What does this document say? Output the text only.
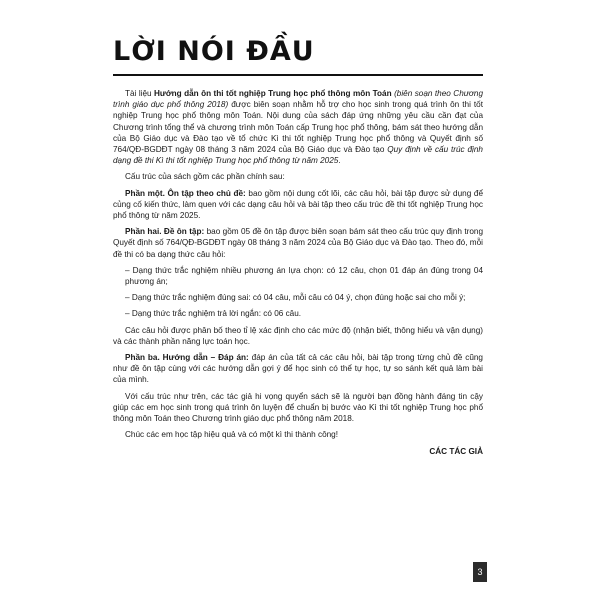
LỜI NÓI ĐẦU

Tài liệu Hướng dẫn ôn thi tốt nghiệp Trung học phổ thông môn Toán (biên soạn theo Chương trình giáo dục phổ thông 2018) được biên soạn nhằm hỗ trợ cho học sinh trong quá trình ôn thi tốt nghiệp Trung học phổ thông môn Toán. Nội dung của sách đáp ứng những yêu cầu cần đạt của Chương trình tổng thể và chương trình môn Toán cấp Trung học phổ thông, bám sát theo hướng dẫn của Bộ Giáo dục và Đào tạo về tổ chức Kì thi tốt nghiệp Trung học phổ thông và Quyết định số 764/QĐ-BGDĐT ngày 08 tháng 3 năm 2024 của Bộ Giáo dục và Đào tạo Quy định về cấu trúc định dạng đề thi Kì thi tốt nghiệp Trung học phổ thông từ năm 2025.

Cấu trúc của sách gồm các phần chính sau:

Phần một. Ôn tập theo chủ đề: bao gồm nội dung cốt lõi, các câu hỏi, bài tập được sử dụng để củng cố kiến thức, làm quen với các dạng câu hỏi và bài tập theo cấu trúc đề thi tốt nghiệp Trung học phổ thông từ năm 2025.

Phần hai. Đề ôn tập: bao gồm 05 đề ôn tập được biên soạn bám sát theo cấu trúc quy định trong Quyết định số 764/QĐ-BGDĐT ngày 08 tháng 3 năm 2024 của Bộ Giáo dục và Đào tạo. Theo đó, mỗi đề thi có ba dạng thức câu hỏi:

– Dạng thức trắc nghiệm nhiều phương án lựa chọn: có 12 câu, chọn 01 đáp án đúng trong 04 phương án;

– Dạng thức trắc nghiệm đúng sai: có 04 câu, mỗi câu có 04 ý, chọn đúng hoặc sai cho mỗi ý;

– Dạng thức trắc nghiệm trả lời ngắn: có 06 câu.

Các câu hỏi được phân bố theo tỉ lệ xác định cho các mức độ (nhận biết, thông hiểu và vận dụng) và các thành phần năng lực toán học.

Phần ba. Hướng dẫn – Đáp án: đáp án của tất cả các câu hỏi, bài tập trong từng chủ đề cũng như đề ôn tập cùng với các hướng dẫn gợi ý để học sinh có thể tự học, tự so sánh kết quả làm bài của mình.

Với cấu trúc như trên, các tác giả hi vọng quyển sách sẽ là người bạn đồng hành đáng tin cậy giúp các em học sinh trong quá trình ôn luyện để chuẩn bị bước vào Kì thi tốt nghiệp Trung học phổ thông môn Toán theo Chương trình giáo dục phổ thông năm 2018.

Chúc các em học tập hiệu quả và có một kì thi thành công!

CÁC TÁC GIẢ

3
